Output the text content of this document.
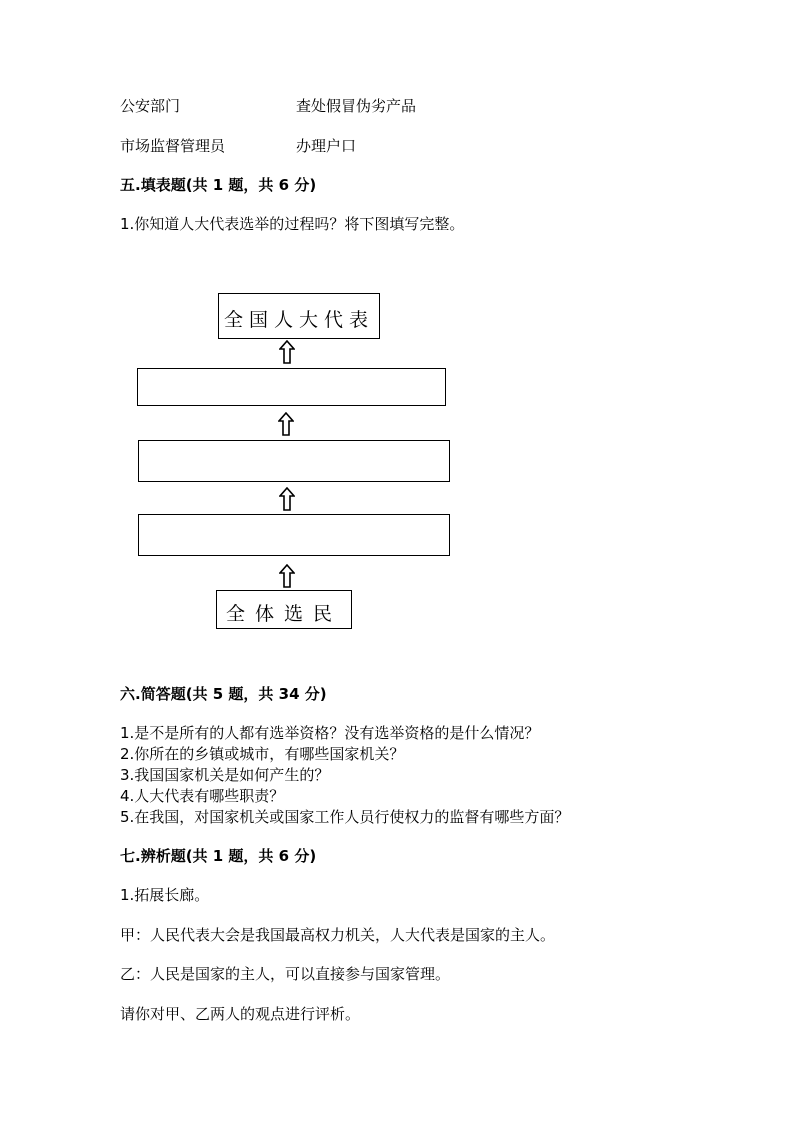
公安部门	查处假冒伪劣产品
市场监督管理员	办理户口
五.填表题(共 1 题，共 6 分)
1.你知道人大代表选举的过程吗？将下图填写完整。
全国人大代表
全体选民
六.简答题(共 5 题，共 34 分)
1.是不是所有的人都有选举资格？没有选举资格的是什么情况？
2.你所在的乡镇或城市，有哪些国家机关？
3.我国国家机关是如何产生的？
4.人大代表有哪些职责？
5.在我国，对国家机关或国家工作人员行使权力的监督有哪些方面？
七.辨析题(共 1 题，共 6 分)
1.拓展长廊。
甲：人民代表大会是我国最高权力机关，人大代表是国家的主人。
乙：人民是国家的主人，可以直接参与国家管理。
请你对甲、乙两人的观点进行评析。
